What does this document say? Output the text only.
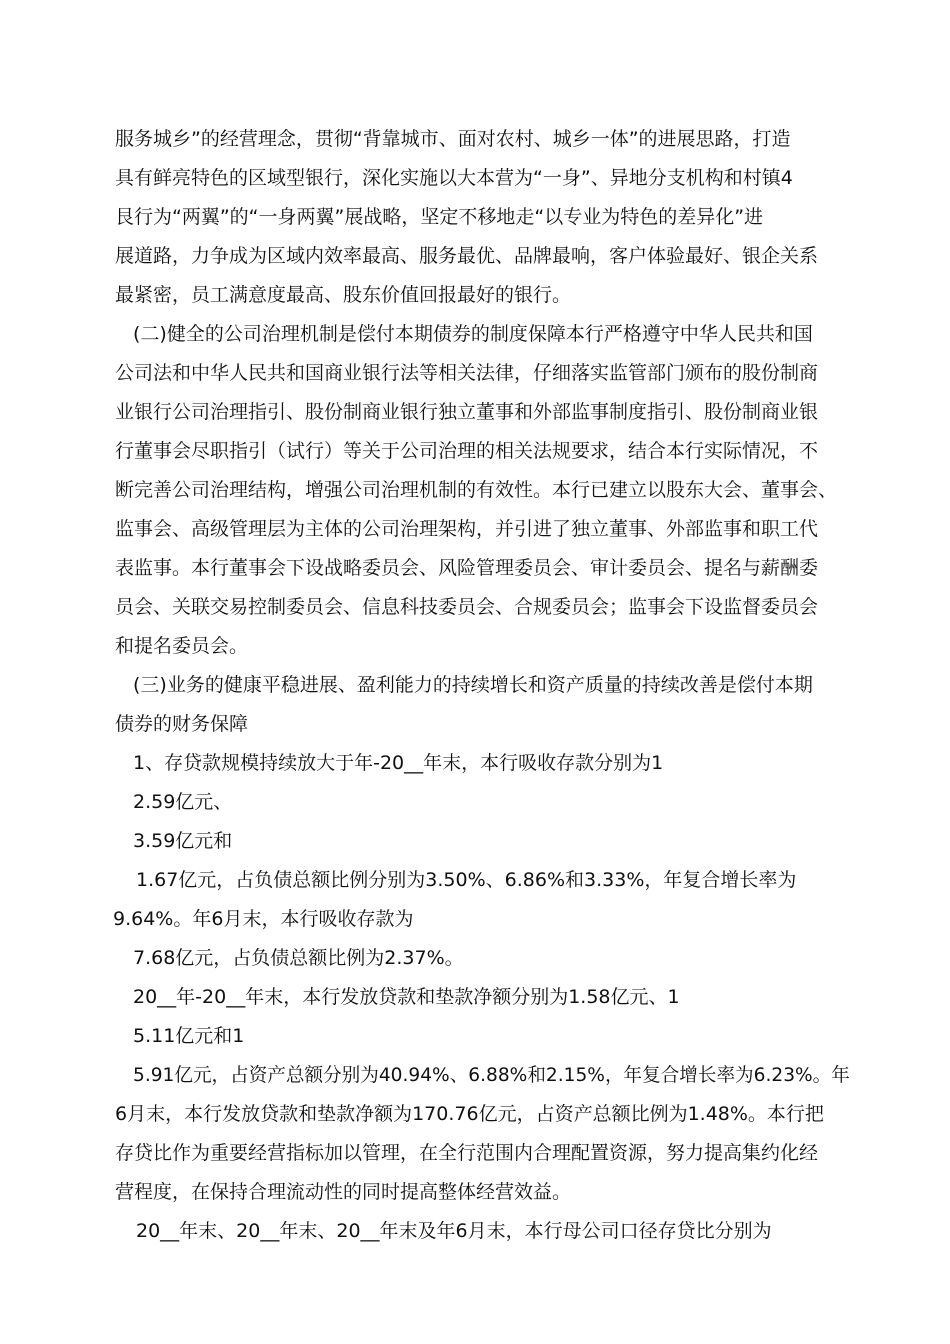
服务城乡”的经营理念，贯彻“背靠城市、面对农村、城乡一体”的进展思路，打造
具有鲜亮特色的区域型银行，深化实施以大本营为“一身”、异地分支机构和村镇4
艮行为“两翼”的“一身两翼”展战略，坚定不移地走“以专业为特色的差异化”进
展道路，力争成为区域内效率最高、服务最优、品牌最响，客户体验最好、银企关系
最紧密，员工满意度最高、股东价值回报最好的银行。
(二)健全的公司治理机制是偿付本期债券的制度保障本行严格遵守中华人民共和国
公司法和中华人民共和国商业银行法等相关法律，仔细落实监管部门颁布的股份制商
业银行公司治理指引、股份制商业银行独立董事和外部监事制度指引、股份制商业银
行董事会尽职指引（试行）等关于公司治理的相关法规要求，结合本行实际情况，不
断完善公司治理结构，增强公司治理机制的有效性。本行已建立以股东大会、董事会、
监事会、高级管理层为主体的公司治理架构，并引进了独立董事、外部监事和职工代
表监事。本行董事会下设战略委员会、风险管理委员会、审计委员会、提名与薪酬委
员会、关联交易控制委员会、信息科技委员会、合规委员会；监事会下设监督委员会
和提名委员会。
(三)业务的健康平稳进展、盈利能力的持续增长和资产质量的持续改善是偿付本期
债券的财务保障
1、存贷款规模持续放大于年-20__年末，本行吸收存款分别为1
2.59亿元、
3.59亿元和
1.67亿元，占负债总额比例分别为3.50%、6.86%和3.33%，年复合增长率为
9.64%。年6月末，本行吸收存款为
7.68亿元，占负债总额比例为2.37%。
20__年-20__年末，本行发放贷款和垫款净额分别为1.58亿元、1
5.11亿元和1
5.91亿元，占资产总额分别为40.94%、6.88%和2.15%，年复合增长率为6.23%。年
6月末，本行发放贷款和垫款净额为170.76亿元，占资产总额比例为1.48%。本行把
存贷比作为重要经营指标加以管理，在全行范围内合理配置资源，努力提高集约化经
营程度，在保持合理流动性的同时提高整体经营效益。
20__年末、20__年末、20__年末及年6月末，本行母公司口径存贷比分别为
